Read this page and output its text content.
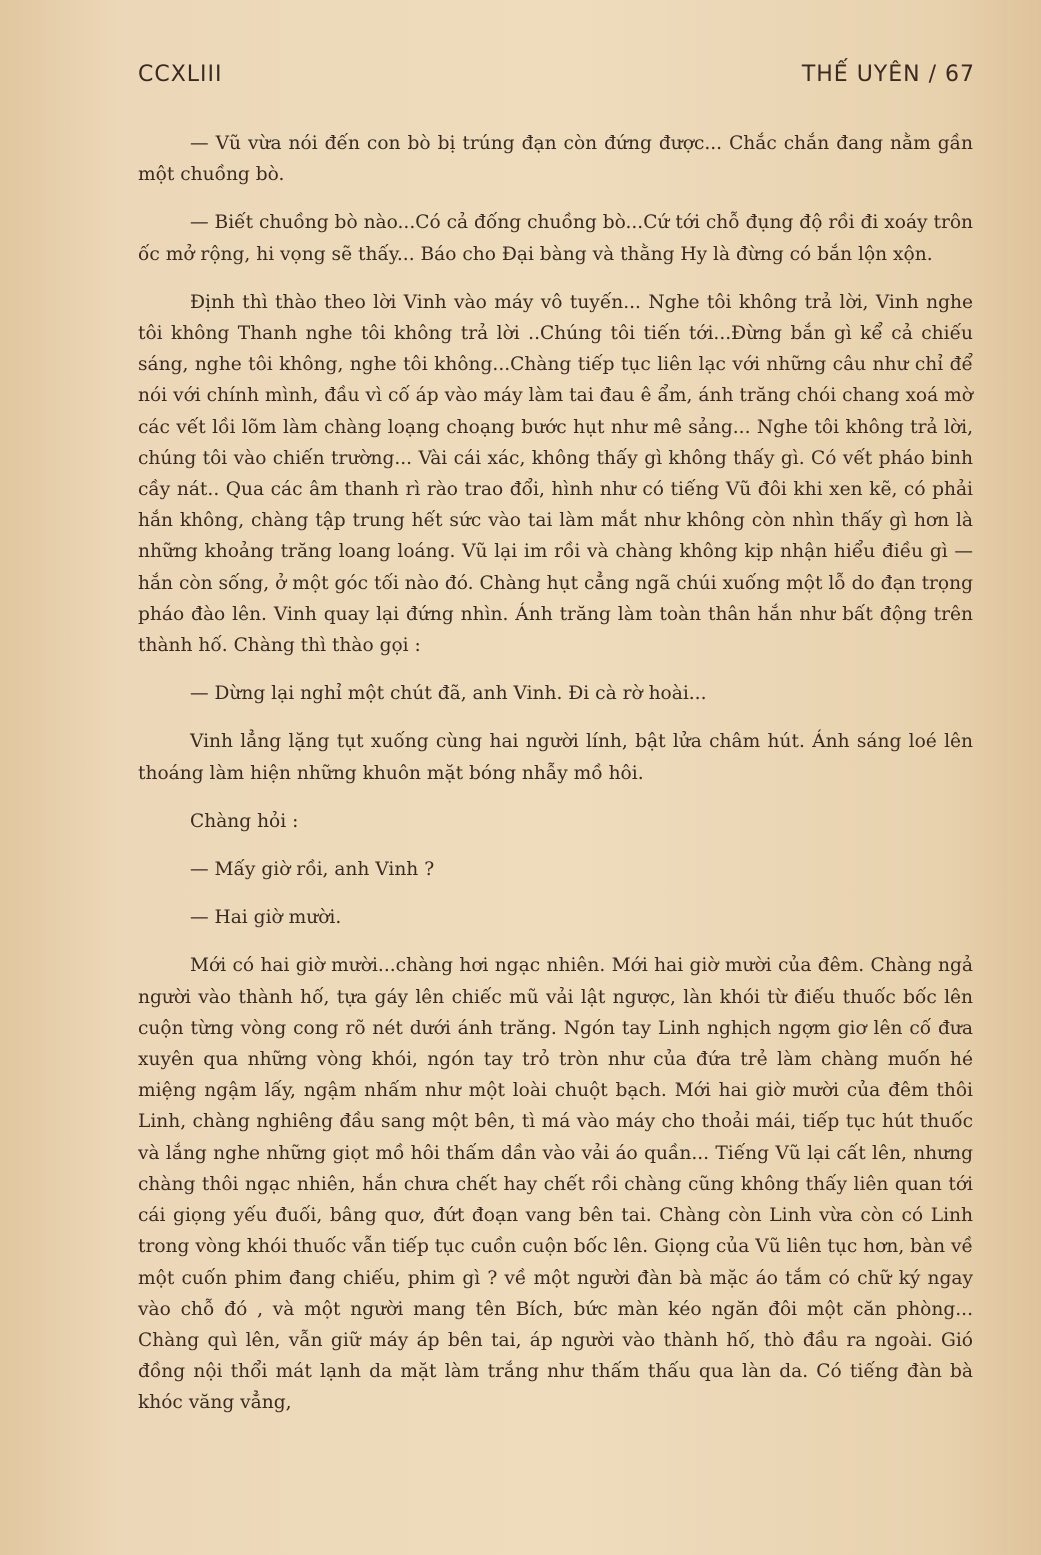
CCXLIII	THẾ UYÊN / 67

— Vũ vừa nói đến con bò bị trúng đạn còn đứng được... Chắc chắn đang nằm gần một chuồng bò.

— Biết chuồng bò nào...Có cả đống chuồng bò...Cứ tới chỗ đụng độ rồi đi xoáy trôn ốc mở rộng, hi vọng sẽ thấy... Báo cho Đại bàng và thằng Hy là đừng có bắn lộn xộn.

Định thì thào theo lời Vinh vào máy vô tuyến... Nghe tôi không trả lời, Vinh nghe tôi không Thanh nghe tôi không trả lời ..Chúng tôi tiến tới...Đừng bắn gì kể cả chiếu sáng, nghe tôi không, nghe tôi không...Chàng tiếp tục liên lạc với những câu như chỉ để nói với chính mình, đầu vì cố áp vào máy làm tai đau ê ẩm, ánh trăng chói chang xoá mờ các vết lồi lõm làm chàng loạng choạng bước hụt như mê sảng... Nghe tôi không trả lời, chúng tôi vào chiến trường... Vài cái xác, không thấy gì không thấy gì. Có vết pháo binh cầy nát.. Qua các âm thanh rì rào trao đổi, hình như có tiếng Vũ đôi khi xen kẽ, có phải hắn không, chàng tập trung hết sức vào tai làm mắt như không còn nhìn thấy gì hơn là những khoảng trăng loang loáng. Vũ lại im rồi và chàng không kịp nhận hiểu điều gì — hắn còn sống, ở một góc tối nào đó. Chàng hụt cẳng ngã chúi xuống một lỗ do đạn trọng pháo đào lên. Vinh quay lại đứng nhìn. Ánh trăng làm toàn thân hắn như bất động trên thành hố. Chàng thì thào gọi :

— Dừng lại nghỉ một chút đã, anh Vinh. Đi cà rờ hoài...

Vinh lẳng lặng tụt xuống cùng hai người lính, bật lửa châm hút. Ánh sáng loé lên thoáng làm hiện những khuôn mặt bóng nhẫy mồ hôi.

Chàng hỏi :

— Mấy giờ rồi, anh Vinh ?

— Hai giờ mười.

Mới có hai giờ mười...chàng hơi ngạc nhiên. Mới hai giờ mười của đêm. Chàng ngả người vào thành hố, tựa gáy lên chiếc mũ vải lật ngược, làn khói từ điếu thuốc bốc lên cuộn từng vòng cong rõ nét dưới ánh trăng. Ngón tay Linh nghịch ngợm giơ lên cố đưa xuyên qua những vòng khói, ngón tay trỏ tròn như của đứa trẻ làm chàng muốn hé miệng ngậm lấy, ngậm nhấm như một loài chuột bạch. Mới hai giờ mười của đêm thôi Linh, chàng nghiêng đầu sang một bên, tì má vào máy cho thoải mái, tiếp tục hút thuốc và lắng nghe những giọt mồ hôi thấm dần vào vải áo quần... Tiếng Vũ lại cất lên, nhưng chàng thôi ngạc nhiên, hắn chưa chết hay chết rồi chàng cũng không thấy liên quan tới cái giọng yếu đuối, bâng quơ, đứt đoạn vang bên tai. Chàng còn Linh vừa còn có Linh trong vòng khói thuốc vẫn tiếp tục cuồn cuộn bốc lên. Giọng của Vũ liên tục hơn, bàn về một cuốn phim đang chiếu, phim gì ? về một người đàn bà mặc áo tắm có chữ ký ngay vào chỗ đó , và một người mang tên Bích, bức màn kéo ngăn đôi một căn phòng... Chàng quì lên, vẫn giữ máy áp bên tai, áp người vào thành hố, thò đầu ra ngoài. Gió đồng nội thổi mát lạnh da mặt làm trắng như thấm thấu qua làn da. Có tiếng đàn bà khóc văng vẳng,
